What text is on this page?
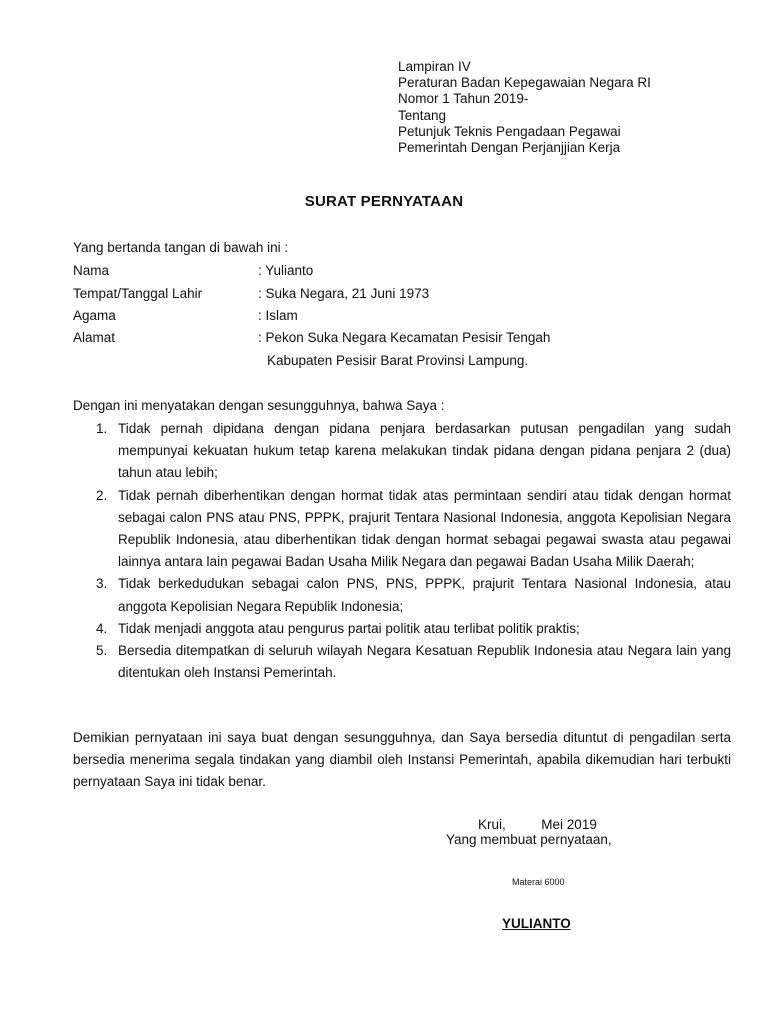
Lampiran IV
Peraturan Badan Kepegawaian Negara RI
Nomor 1 Tahun 2019-
Tentang
Petunjuk Teknis Pengadaan Pegawai
Pemerintah Dengan Perjanjjian Kerja
SURAT PERNYATAAN
Yang bertanda tangan di bawah ini :
Nama	: Yulianto
Tempat/Tanggal Lahir	: Suka Negara, 21 Juni 1973
Agama	: Islam
Alamat	: Pekon Suka Negara Kecamatan Pesisir Tengah
Kabupaten Pesisir Barat Provinsi Lampung.
Dengan ini menyatakan dengan sesungguhnya, bahwa Saya :
1. Tidak pernah dipidana dengan pidana penjara berdasarkan putusan pengadilan yang sudah mempunyai kekuatan hukum tetap karena melakukan tindak pidana dengan pidana penjara 2 (dua) tahun atau lebih;
2. Tidak pernah diberhentikan dengan hormat tidak atas permintaan sendiri atau tidak dengan hormat sebagai calon PNS atau PNS, PPPK, prajurit Tentara Nasional Indonesia, anggota Kepolisian Negara Republik Indonesia, atau diberhentikan tidak dengan hormat sebagai pegawai swasta atau pegawai lainnya antara lain pegawai Badan Usaha Milik Negara dan pegawai Badan Usaha Milik Daerah;
3. Tidak berkedudukan sebagai calon PNS, PNS, PPPK, prajurit Tentara Nasional Indonesia, atau anggota Kepolisian Negara Republik Indonesia;
4. Tidak menjadi anggota atau pengurus partai politik atau terlibat politik praktis;
5. Bersedia ditempatkan di seluruh wilayah Negara Kesatuan Republik Indonesia atau Negara lain yang ditentukan oleh Instansi Pemerintah.
Demikian pernyataan ini saya buat dengan sesungguhnya, dan Saya bersedia dituntut di pengadilan serta bersedia menerima segala tindakan yang diambil oleh Instansi Pemerintah, apabila dikemudian hari terbukti pernyataan Saya ini tidak benar.
Krui,	Mei 2019
Yang membuat pernyataan,
Materai 6000
YULIANTO
